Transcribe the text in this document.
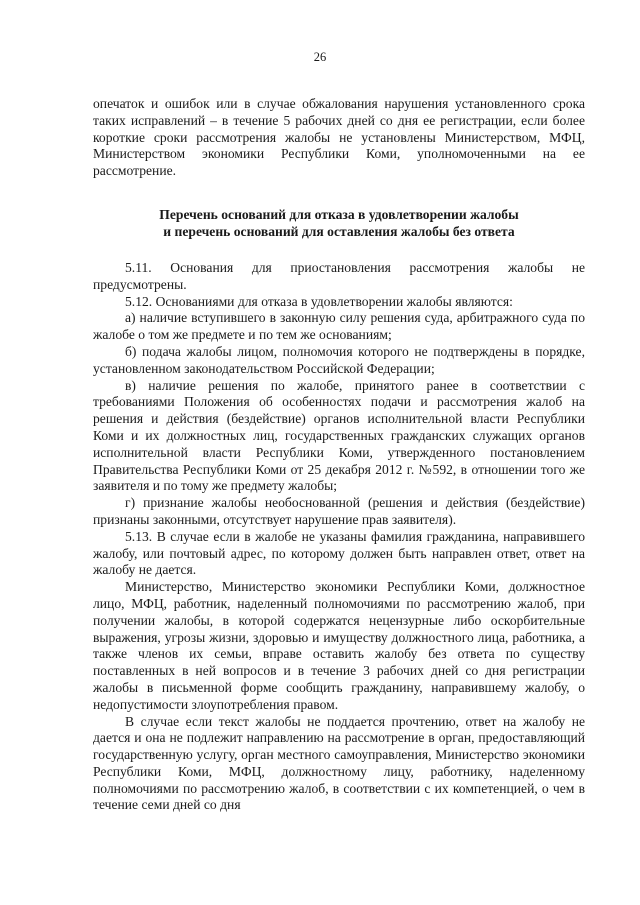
26

опечаток и ошибок или в случае обжалования нарушения установленного срока таких исправлений – в течение 5 рабочих дней со дня ее регистрации, если более короткие сроки рассмотрения жалобы не установлены Министерством, МФЦ, Министерством экономики Республики Коми, уполномоченными на ее рассмотрение.

Перечень оснований для отказа в удовлетворении жалобы
и перечень оснований для оставления жалобы без ответа

5.11. Основания для приостановления рассмотрения жалобы не предусмотрены.

5.12. Основаниями для отказа в удовлетворении жалобы являются:

а) наличие вступившего в законную силу решения суда, арбитражного суда по жалобе о том же предмете и по тем же основаниям;

б) подача жалобы лицом, полномочия которого не подтверждены в порядке, установленном законодательством Российской Федерации;

в) наличие решения по жалобе, принятого ранее в соответствии с требованиями Положения об особенностях подачи и рассмотрения жалоб на решения и действия (бездействие) органов исполнительной власти Республики Коми и их должностных лиц, государственных гражданских служащих органов исполнительной власти Республики Коми, утвержденного постановлением Правительства Республики Коми от 25 декабря 2012 г. №592, в отношении того же заявителя и по тому же предмету жалобы;

г) признание жалобы необоснованной (решения и действия (бездействие) признаны законными, отсутствует нарушение прав заявителя).

5.13. В случае если в жалобе не указаны фамилия гражданина, направившего жалобу, или почтовый адрес, по которому должен быть направлен ответ, ответ на жалобу не дается.

Министерство, Министерство экономики Республики Коми, должностное лицо, МФЦ, работник, наделенный полномочиями по рассмотрению жалоб, при получении жалобы, в которой содержатся нецензурные либо оскорбительные выражения, угрозы жизни, здоровью и имуществу должностного лица, работника, а также членов их семьи, вправе оставить жалобу без ответа по существу поставленных в ней вопросов и в течение 3 рабочих дней со дня регистрации жалобы в письменной форме сообщить гражданину, направившему жалобу, о недопустимости злоупотребления правом.

В случае если текст жалобы не поддается прочтению, ответ на жалобу не дается и она не подлежит направлению на рассмотрение в орган, предоставляющий государственную услугу, орган местного самоуправления, Министерство экономики Республики Коми, МФЦ, должностному лицу, работнику, наделенному полномочиями по рассмотрению жалоб, в соответствии с их компетенцией, о чем в течение семи дней со дня
